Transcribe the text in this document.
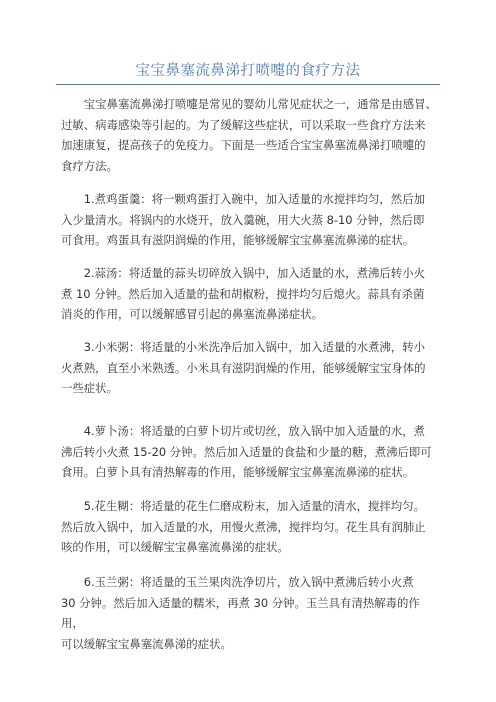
宝宝鼻塞流鼻涕打喷嚏的食疗方法

　　宝宝鼻塞流鼻涕打喷嚏是常见的婴幼儿常见症状之一，通常是由感冒、
过敏、病毒感染等引起的。为了缓解这些症状，可以采取一些食疗方法来
加速康复，提高孩子的免疫力。下面是一些适合宝宝鼻塞流鼻涕打喷嚏的
食疗方法。

　　1.煮鸡蛋羹：将一颗鸡蛋打入碗中，加入适量的水搅拌均匀，然后加
入少量清水。将锅内的水烧开，放入羹碗，用大火蒸 8-10 分钟，然后即
可食用。鸡蛋具有滋阴润燥的作用，能够缓解宝宝鼻塞流鼻涕的症状。

　　2.蒜汤：将适量的蒜头切碎放入锅中，加入适量的水，煮沸后转小火
煮 10 分钟。然后加入适量的盐和胡椒粉，搅拌均匀后熄火。蒜具有杀菌
消炎的作用，可以缓解感冒引起的鼻塞流鼻涕症状。

　　3.小米粥：将适量的小米洗净后加入锅中，加入适量的水煮沸，转小
火煮熟，直至小米熟透。小米具有滋阴润燥的作用，能够缓解宝宝身体的
一些症状。

　　4.萝卜汤：将适量的白萝卜切片或切丝，放入锅中加入适量的水，煮
沸后转小火煮 15-20 分钟。然后加入适量的食盐和少量的糖，煮沸后即可
食用。白萝卜具有清热解毒的作用，能够缓解宝宝鼻塞流鼻涕的症状。

　　5.花生糊：将适量的花生仁磨成粉末，加入适量的清水，搅拌均匀。
然后放入锅中，加入适量的水，用慢火煮沸，搅拌均匀。花生具有润肺止
咳的作用，可以缓解宝宝鼻塞流鼻涕的症状。

　　6.玉兰粥：将适量的玉兰果肉洗净切片，放入锅中煮沸后转小火煮
30 分钟。然后加入适量的糯米，再煮 30 分钟。玉兰具有清热解毒的作用，
可以缓解宝宝鼻塞流鼻涕的症状。
